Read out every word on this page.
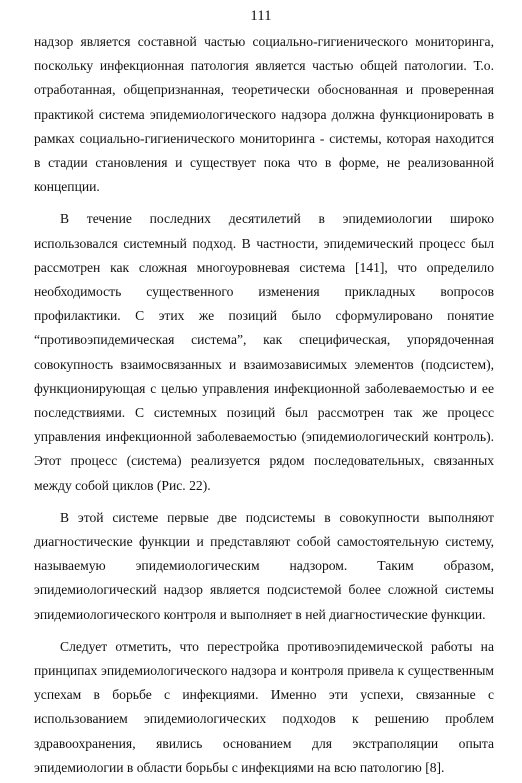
111

надзор является составной частью социально-гигиенического мониторинга, поскольку инфекционная патология является частью общей патологии. Т.о. отработанная, общепризнанная, теоретически обоснованная и проверенная практикой система эпидемиологического надзора должна функционировать в рамках социально-гигиенического мониторинга - системы, которая находится в стадии становления и существует пока что в форме, не реализованной концепции.

В течение последних десятилетий в эпидемиологии широко использовался системный подход. В частности, эпидемический процесс был рассмотрен как сложная многоуровневая система [141], что определило необходимость существенного изменения прикладных вопросов профилактики. С этих же позиций было сформулировано понятие “противоэпидемическая система”, как специфическая, упорядоченная совокупность взаимосвязанных и взаимозависимых элементов (подсистем), функционирующая с целью управления инфекционной заболеваемостью и ее последствиями. С системных позиций был рассмотрен так же процесс управления инфекционной заболеваемостью (эпидемиологический контроль). Этот процесс (система) реализуется рядом последовательных, связанных между собой циклов (Рис. 22).

В этой системе первые две подсистемы в совокупности выполняют диагностические функции и представляют собой самостоятельную систему, называемую эпидемиологическим надзором. Таким образом, эпидемиологический надзор является подсистемой более сложной системы эпидемиологического контроля и выполняет в ней диагностические функции.

Следует отметить, что перестройка противоэпидемической работы на принципах эпидемиологического надзора и контроля привела к существенным успехам в борьбе с инфекциями. Именно эти успехи, связанные с использованием эпидемиологических подходов к решению проблем здравоохранения, явились основанием для экстраполяции опыта эпидемиологии в области борьбы с инфекциями на всю патологию [8].
